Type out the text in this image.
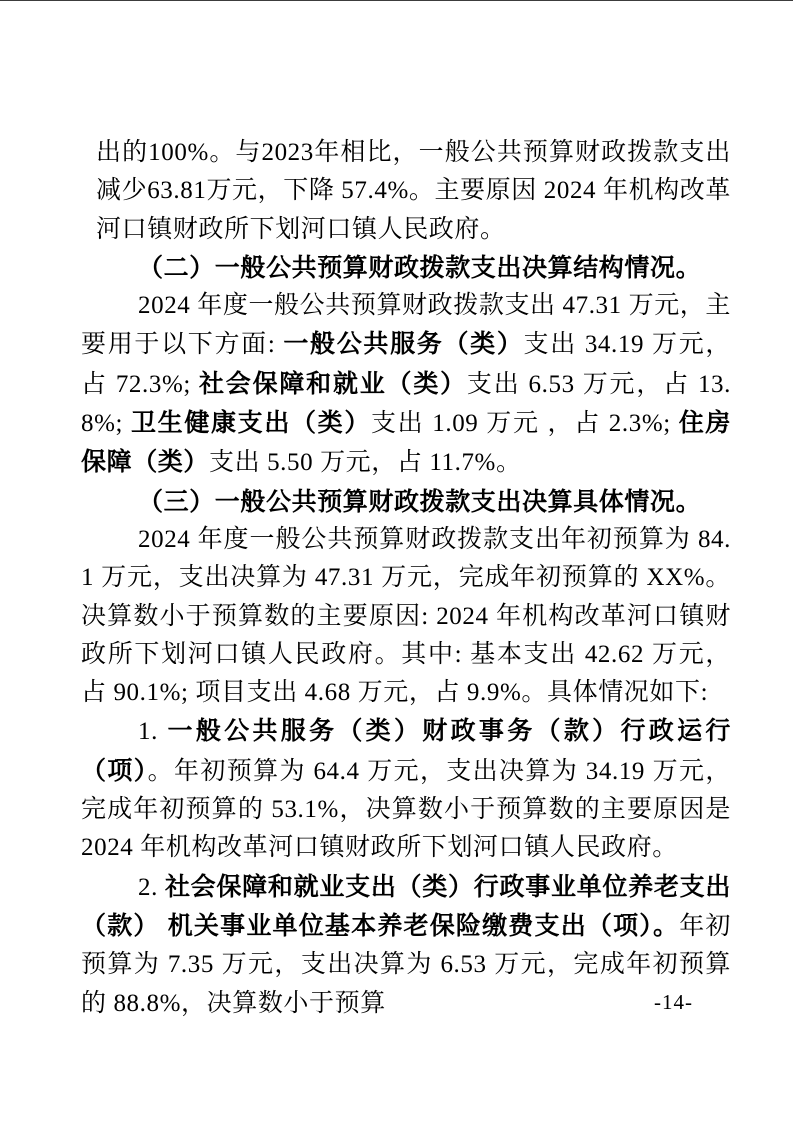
出的100%。与2023年相比，一般公共预算财政拨款支出减少63.81万元，下降 57.4%。主要原因 2024 年机构改革河口镇财政所下划河口镇人民政府。

（二）一般公共预算财政拨款支出决算结构情况。

2024 年度一般公共预算财政拨款支出 47.31 万元，主要用于以下方面: 一般公共服务（类）支出 34.19 万元，占 72.3%; 社会保障和就业（类）支出 6.53 万元，占 13.8%; 卫生健康支出（类）支出 1.09 万元 ，占 2.3%; 住房保障（类）支出 5.50 万元，占 11.7%。

（三）一般公共预算财政拨款支出决算具体情况。

2024 年度一般公共预算财政拨款支出年初预算为 84.1 万元，支出决算为 47.31 万元，完成年初预算的 XX%。决算数小于预算数的主要原因: 2024 年机构改革河口镇财政所下划河口镇人民政府。其中: 基本支出 42.62 万元，占 90.1%; 项目支出 4.68 万元，占 9.9%。具体情况如下:

1. 一般公共服务（类）财政事务（款）行政运行（项）。年初预算为 64.4 万元，支出决算为 34.19 万元，完成年初预算的 53.1%，决算数小于预算数的主要原因是 2024 年机构改革河口镇财政所下划河口镇人民政府。

2. 社会保障和就业支出（类）行政事业单位养老支出（款） 机关事业单位基本养老保险缴费支出（项）。年初预算为 7.35 万元，支出决算为 6.53 万元，完成年初预算的 88.8%，决算数小于预算	-14-
